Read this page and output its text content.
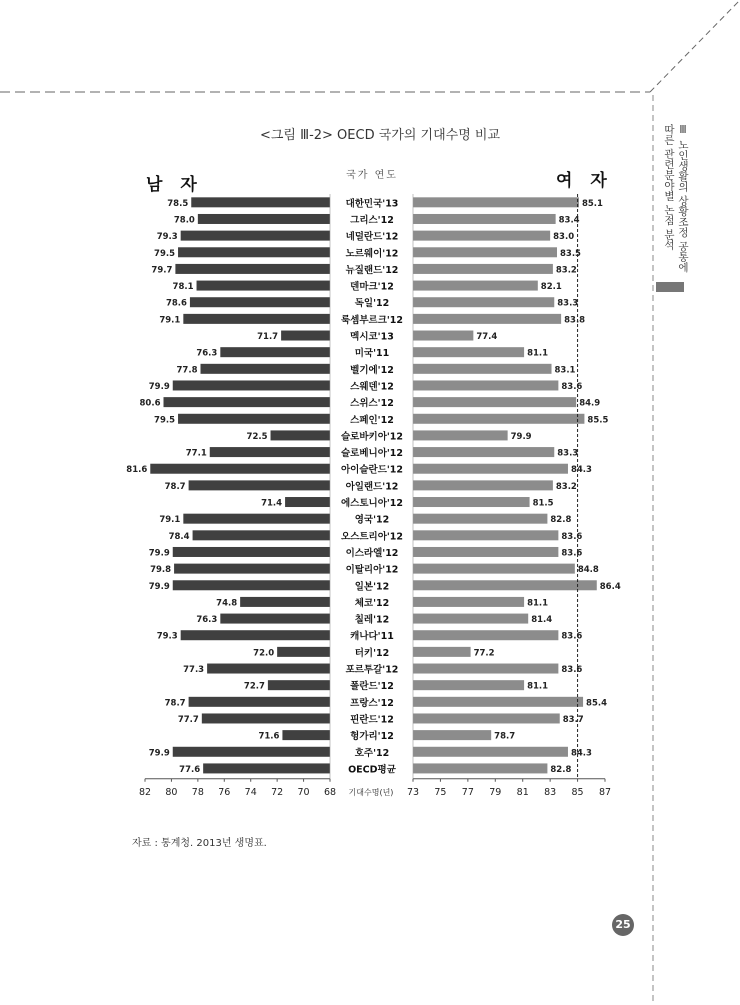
<그림 Ⅲ-2> OECD 국가의 기대수명 비교
국가 연도
남 자	여 자
Ⅲ 노인생활의 상황조정 공통에 따른 관련분야별 논점 분석
78.5	대한민국'13	85.1
78.0	그리스'12	83.4
79.3	네덜란드'12	83.0
79.5	노르웨이'12	83.5
79.7	뉴질랜드'12	83.2
78.1	덴마크'12	82.1
78.6	독일'12	83.3
79.1	룩셈부르크'12	83.8
71.7	멕시코'13	77.4
76.3	미국'11	81.1
77.8	벨기에'12	83.1
79.9	스웨덴'12	83.6
80.6	스위스'12	84.9
79.5	스페인'12	85.5
72.5	슬로바키아'12	79.9
77.1	슬로베니아'12	83.3
81.6	아이슬란드'12	84.3
78.7	아일랜드'12	83.2
71.4	에스토니아'12	81.5
79.1	영국'12	82.8
78.4	오스트리아'12	83.6
79.9	이스라엘'12	83.6
79.8	이탈리아'12	84.8
79.9	일본'12	86.4
74.8	체코'12	81.1
76.3	칠레'12	81.4
79.3	캐나다'11	83.6
72.0	터키'12	77.2
77.3	포르투갈'12	83.6
72.7	폴란드'12	81.1
78.7	프랑스'12	85.4
77.7	핀란드'12	83.7
71.6	헝가리'12	78.7
79.9	호주'12	84.3
77.6	OECD평균	82.8
82 80 78 76 74 72 70 68	73 75 77 79 81 83 85 87
기대수명(년)
자료 : 통계청. 2013년 생명표.
25
